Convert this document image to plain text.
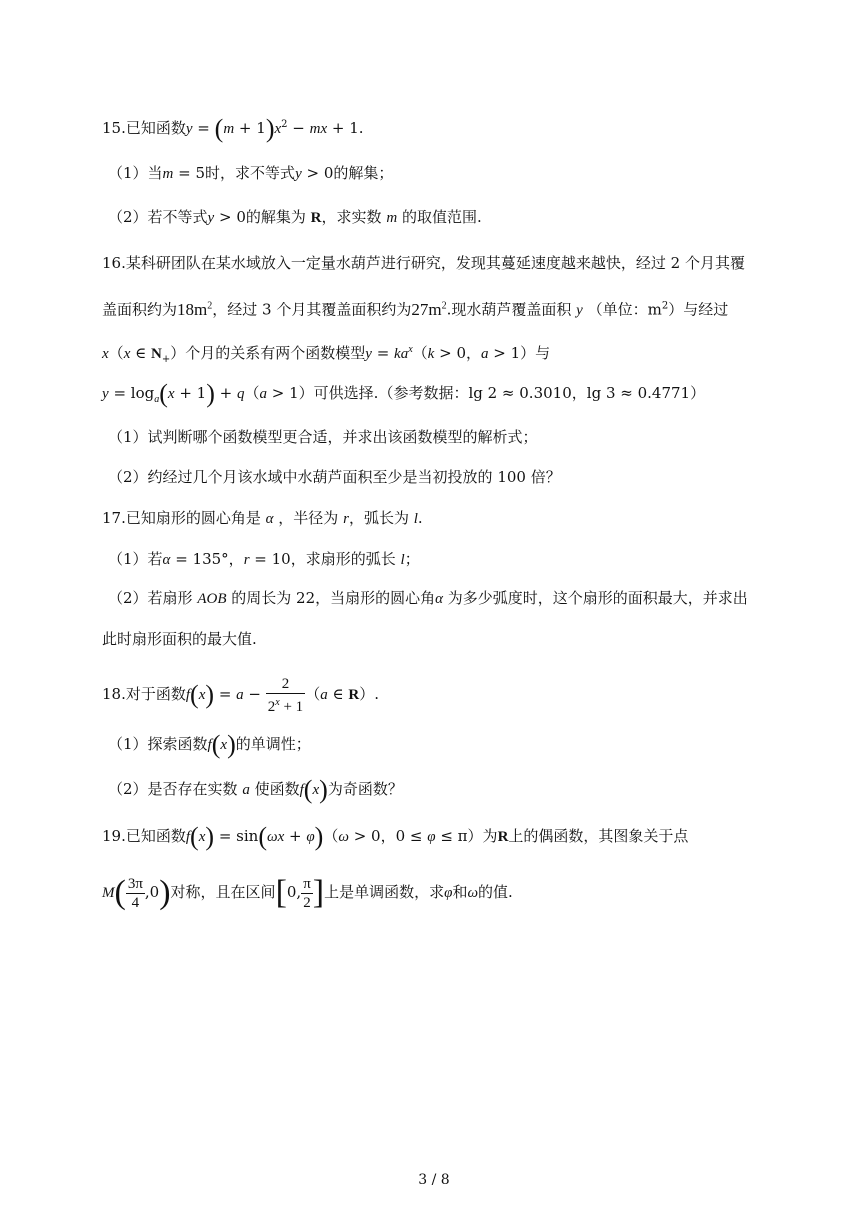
15.已知函数$y = (m + 1)x^2$ − mx + 1.
（1）当m = 5时，求不等式y > 0的解集；
（2）若不等式y > 0的解集为 R，求实数 m 的取值范围.
16.某科研团队在某水域放入一定量水葫芦进行研究，发现其蔓延速度越来越快，经过 2 个月其覆
盖面积约为$18m^2$，经过 3 个月其覆盖面积约为$27m^2$.现水葫芦覆盖面积 y （单位：$m^2$）与经过
x（x ∈ $N_+$）个月的关系有两个函数模型$y = ka^x(k > 0$，a > 1）与
$y = \log_a(x + 1) + q(a > 1)$可供选择.（参考数据：lg 2 ≈ 0.3010，lg 3 ≈ 0.4771）
（1）试判断哪个函数模型更合适，并求出该函数模型的解析式；
（2）约经过几个月该水域中水葫芦面积至少是当初投放的 100 倍？
17.已知扇形的圆心角是 α ，半径为 r，弧长为 l.
（1）若α = 135°，r = 10，求扇形的弧长 l；
（2）若扇形 AOB 的周长为 22，当扇形的圆心角α 为多少弧度时，这个扇形的面积最大，并求出
此时扇形面积的最大值.
18.对于函数$f(x) = a - \frac{2}{2^x + 1} (a$ ∈ R）.
（1）探索函数f(x)的单调性；
（2）是否存在实数 a 使函数f(x)为奇函数？
19.已知函数f(x) = sin(ωx + φ)（ω > 0，0 ≤ φ ≤ π）为R上的偶函数，其图象关于点
$M( \frac{3\pi}{4} ,0)$对称，且在区间[0, $\frac{\pi}{2}$ ]上是单调函数，求φ和ω的值.
3 / 8
